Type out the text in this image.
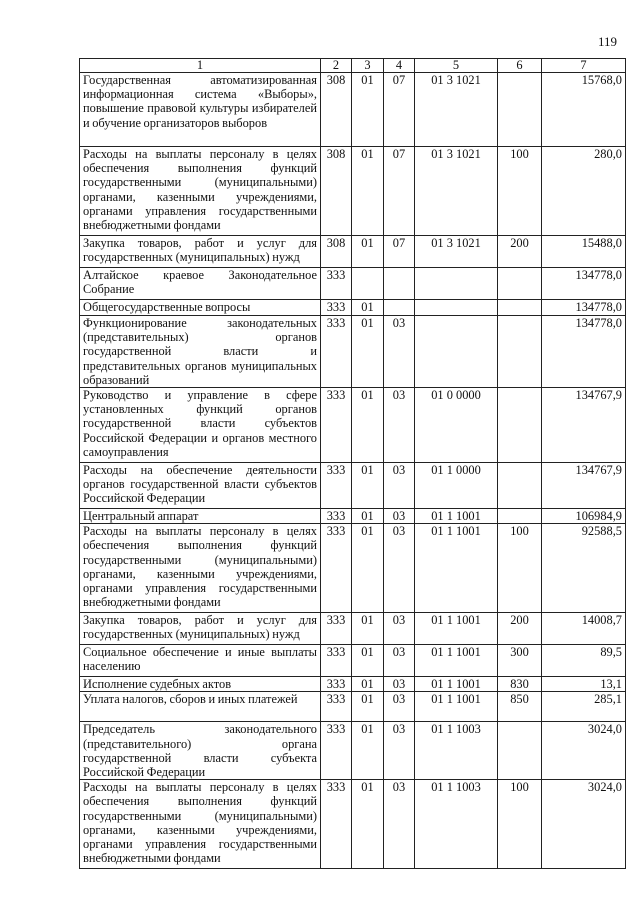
119
1	2	3	4	5	6	7
Государственная автоматизированная информационная система «Выборы», повышение правовой культуры избирателей и обучение организаторов выборов	308	01	07	01 3 1021		15768,0
Расходы на выплаты персоналу в целях обеспечения выполнения функций государственными (муниципальными) органами, казенными учреждениями, органами управления государственными внебюджетными фондами	308	01	07	01 3 1021	100	280,0
Закупка товаров, работ и услуг для государственных (муниципальных) нужд	308	01	07	01 3 1021	200	15488,0
Алтайское краевое Законодательное Собрание	333					134778,0
Общегосударственные вопросы	333	01				134778,0
Функционирование законодательных (представительных) органов государственной власти и представительных органов муниципальных образований	333	01	03			134778,0
Руководство и управление в сфере установленных функций органов государственной власти субъектов Российской Федерации и органов местного самоуправления	333	01	03	01 0 0000		134767,9
Расходы на обеспечение деятельности органов государственной власти субъектов Российской Федерации	333	01	03	01 1 0000		134767,9
Центральный аппарат	333	01	03	01 1 1001		106984,9
Расходы на выплаты персоналу в целях обеспечения выполнения функций государственными (муниципальными) органами, казенными учреждениями, органами управления государственными внебюджетными фондами	333	01	03	01 1 1001	100	92588,5
Закупка товаров, работ и услуг для государственных (муниципальных) нужд	333	01	03	01 1 1001	200	14008,7
Социальное обеспечение и иные выплаты населению	333	01	03	01 1 1001	300	89,5
Исполнение судебных актов	333	01	03	01 1 1001	830	13,1
Уплата налогов, сборов и иных платежей	333	01	03	01 1 1001	850	285,1
Председатель законодательного (представительного) органа государственной власти субъекта Российской Федерации	333	01	03	01 1 1003		3024,0
Расходы на выплаты персоналу в целях обеспечения выполнения функций государственными (муниципальными) органами, казенными учреждениями, органами управления государственными внебюджетными фондами	333	01	03	01 1 1003	100	3024,0
